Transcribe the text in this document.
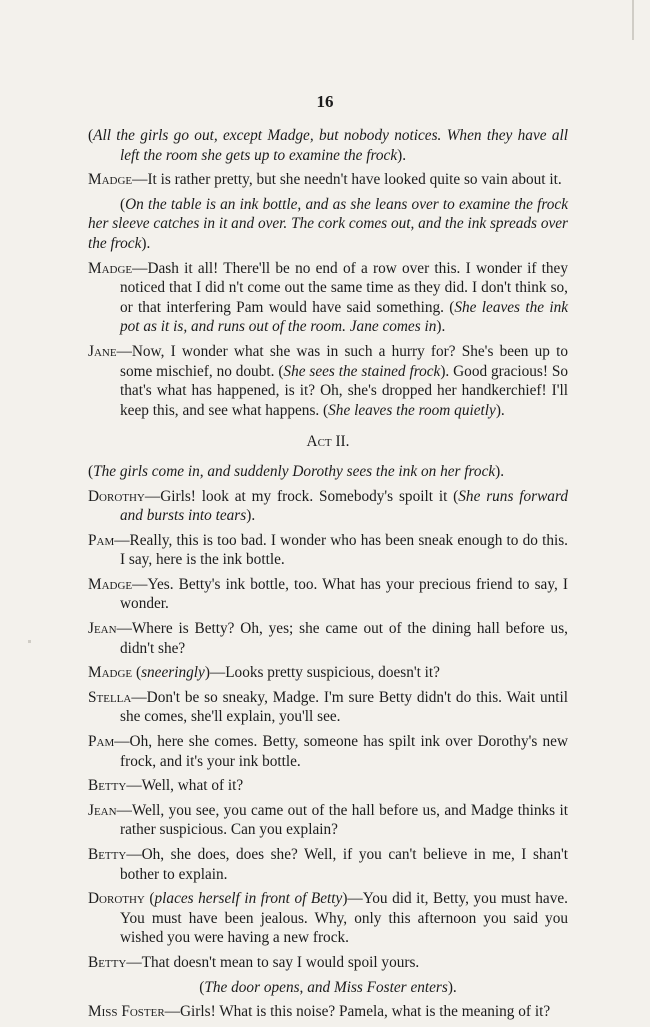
16

(All the girls go out, except Madge, but nobody notices. When they have all left the room she gets up to examine the frock).

Madge—It is rather pretty, but she needn't have looked quite so vain about it.

(On the table is an ink bottle, and as she leans over to examine the frock her sleeve catches in it and over. The cork comes out, and the ink spreads over the frock).

Madge—Dash it all! There'll be no end of a row over this. I wonder if they noticed that I did n't come out the same time as they did. I don't think so, or that interfering Pam would have said something. (She leaves the ink pot as it is, and runs out of the room. Jane comes in).

Jane—Now, I wonder what she was in such a hurry for? She's been up to some mischief, no doubt. (She sees the stained frock). Good gracious! So that's what has happened, is it? Oh, she's dropped her handkerchief! I'll keep this, and see what happens. (She leaves the room quietly).

Act II.

(The girls come in, and suddenly Dorothy sees the ink on her frock).

Dorothy—Girls! look at my frock. Somebody's spoilt it (She runs forward and bursts into tears).

Pam—Really, this is too bad. I wonder who has been sneak enough to do this. I say, here is the ink bottle.

Madge—Yes. Betty's ink bottle, too. What has your precious friend to say, I wonder.

Jean—Where is Betty? Oh, yes; she came out of the dining hall before us, didn't she?

Madge (sneeringly)—Looks pretty suspicious, doesn't it?

Stella—Don't be so sneaky, Madge. I'm sure Betty didn't do this. Wait until she comes, she'll explain, you'll see.

Pam—Oh, here she comes. Betty, someone has spilt ink over Dorothy's new frock, and it's your ink bottle.

Betty—Well, what of it?

Jean—Well, you see, you came out of the hall before us, and Madge thinks it rather suspicious. Can you explain?

Betty—Oh, she does, does she? Well, if you can't believe in me, I shan't bother to explain.

Dorothy (places herself in front of Betty)—You did it, Betty, you must have. You must have been jealous. Why, only this afternoon you said you wished you were having a new frock.

Betty—That doesn't mean to say I would spoil yours.

(The door opens, and Miss Foster enters).

Miss Foster—Girls! What is this noise? Pamela, what is the meaning of it?
